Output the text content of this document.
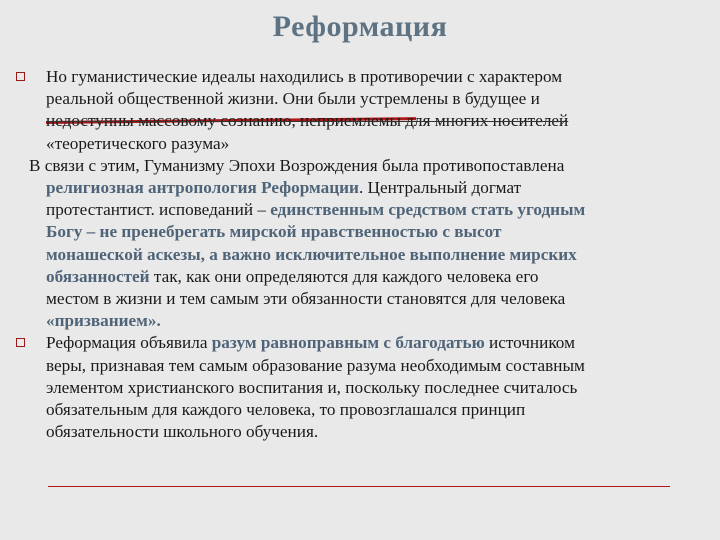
Реформация
Но гуманистические идеалы находились в противоречии с характером
реальной общественной жизни. Они были устремлены в будущее и
недоступны массовому сознанию, неприемлемы для многих носителей
«теоретического разума»
В связи с этим, Гуманизму Эпохи Возрождения была противопоставлена
религиозная антропология Реформации. Центральный догмат
протестантист. исповеданий – единственным средством стать угодным
Богу – не пренебрегать мирской нравственностью с высот
монашеской аскезы, а важно исключительное выполнение мирских
обязанностей так, как они определяются для каждого человека его
местом в жизни и тем самым эти обязанности становятся для человека
«призванием».
Реформация объявила разум равноправным с благодатью источником
веры, признавая тем самым образование разума необходимым составным
элементом христианского воспитания и, поскольку последнее считалось
обязательным для каждого человека, то провозглашался принцип
обязательности школьного обучения.
